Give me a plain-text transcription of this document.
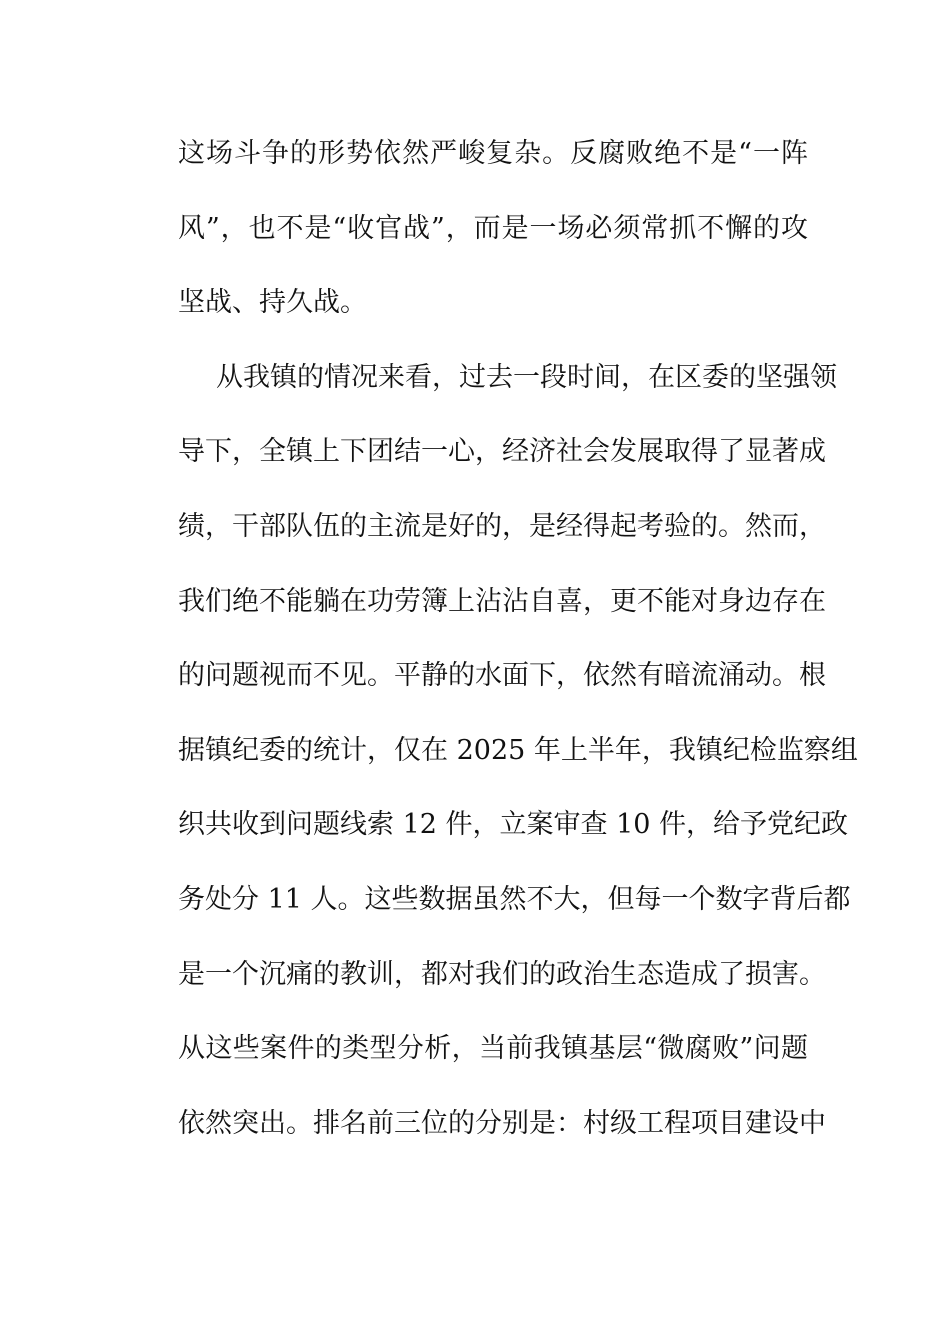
这场斗争的形势依然严峻复杂。反腐败绝不是“一阵
风”，也不是“收官战”，而是一场必须常抓不懈的攻
坚战、持久战。
从我镇的情况来看，过去一段时间，在区委的坚强领
导下，全镇上下团结一心，经济社会发展取得了显著成
绩，干部队伍的主流是好的，是经得起考验的。然而，
我们绝不能躺在功劳簿上沾沾自喜，更不能对身边存在
的问题视而不见。平静的水面下，依然有暗流涌动。根
据镇纪委的统计，仅在 2025 年上半年，我镇纪检监察组
织共收到问题线索 12 件，立案审查 10 件，给予党纪政
务处分 11 人。这些数据虽然不大，但每一个数字背后都
是一个沉痛的教训，都对我们的政治生态造成了损害。
从这些案件的类型分析，当前我镇基层“微腐败”问题
依然突出。排名前三位的分别是：村级工程项目建设中
